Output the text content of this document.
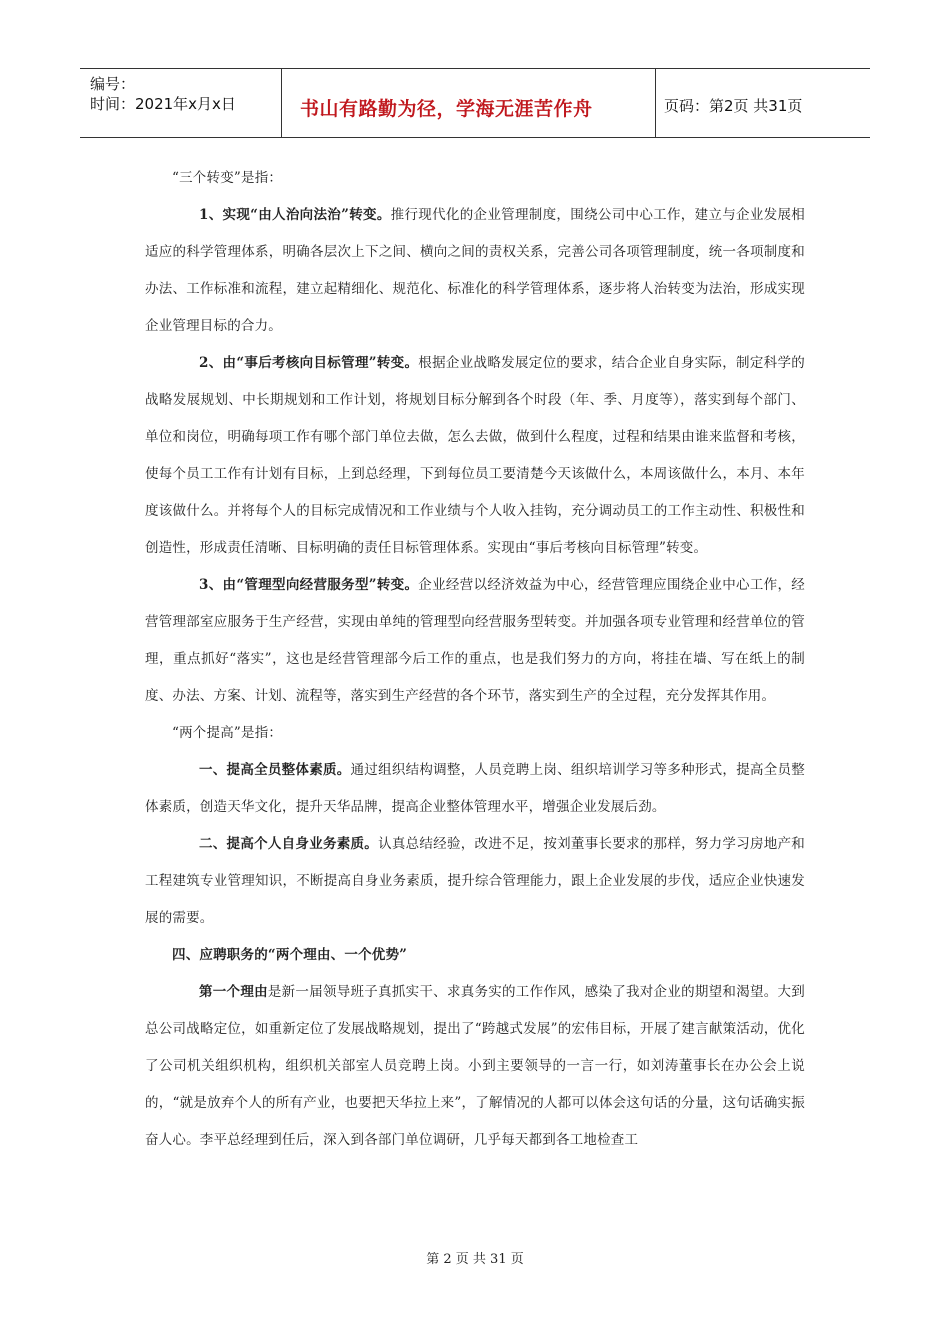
编号：
时间：2021年x月x日	书山有路勤为径，学海无涯苦作舟	页码：第2页 共31页

“三个转变”是指：

1、实现“由人治向法治”转变。推行现代化的企业管理制度，围绕公司中心工作，建立与企业发展相适应的科学管理体系，明确各层次上下之间、横向之间的责权关系，完善公司各项管理制度，统一各项制度和办法、工作标准和流程，建立起精细化、规范化、标准化的科学管理体系，逐步将人治转变为法治，形成实现企业管理目标的合力。

2、由“事后考核向目标管理”转变。根据企业战略发展定位的要求，结合企业自身实际，制定科学的战略发展规划、中长期规划和工作计划，将规划目标分解到各个时段（年、季、月度等），落实到每个部门、单位和岗位，明确每项工作有哪个部门单位去做，怎么去做，做到什么程度，过程和结果由谁来监督和考核，使每个员工工作有计划有目标，上到总经理，下到每位员工要清楚今天该做什么，本周该做什么，本月、本年度该做什么。并将每个人的目标完成情况和工作业绩与个人收入挂钩，充分调动员工的工作主动性、积极性和创造性，形成责任清晰、目标明确的责任目标管理体系。实现由“事后考核向目标管理”转变。

3、由“管理型向经营服务型”转变。企业经营以经济效益为中心，经营管理应围绕企业中心工作，经营管理部室应服务于生产经营，实现由单纯的管理型向经营服务型转变。并加强各项专业管理和经营单位的管理，重点抓好“落实”，这也是经营管理部今后工作的重点，也是我们努力的方向，将挂在墙、写在纸上的制度、办法、方案、计划、流程等，落实到生产经营的各个环节，落实到生产的全过程，充分发挥其作用。

“两个提高”是指：

一、提高全员整体素质。通过组织结构调整，人员竞聘上岗、组织培训学习等多种形式，提高全员整体素质，创造天华文化，提升天华品牌，提高企业整体管理水平，增强企业发展后劲。

二、提高个人自身业务素质。认真总结经验，改进不足，按刘董事长要求的那样，努力学习房地产和工程建筑专业管理知识，不断提高自身业务素质，提升综合管理能力，跟上企业发展的步伐，适应企业快速发展的需要。

四、应聘职务的“两个理由、一个优势”

第一个理由是新一届领导班子真抓实干、求真务实的工作作风，感染了我对企业的期望和渴望。大到总公司战略定位，如重新定位了发展战略规划，提出了“跨越式发展”的宏伟目标，开展了建言献策活动，优化了公司机关组织机构，组织机关部室人员竞聘上岗。小到主要领导的一言一行，如刘涛董事长在办公会上说的，“就是放弃个人的所有产业，也要把天华拉上来”，了解情况的人都可以体会这句话的分量，这句话确实振奋人心。李平总经理到任后，深入到各部门单位调研，几乎每天都到各工地检查工

第 2 页 共 31 页
